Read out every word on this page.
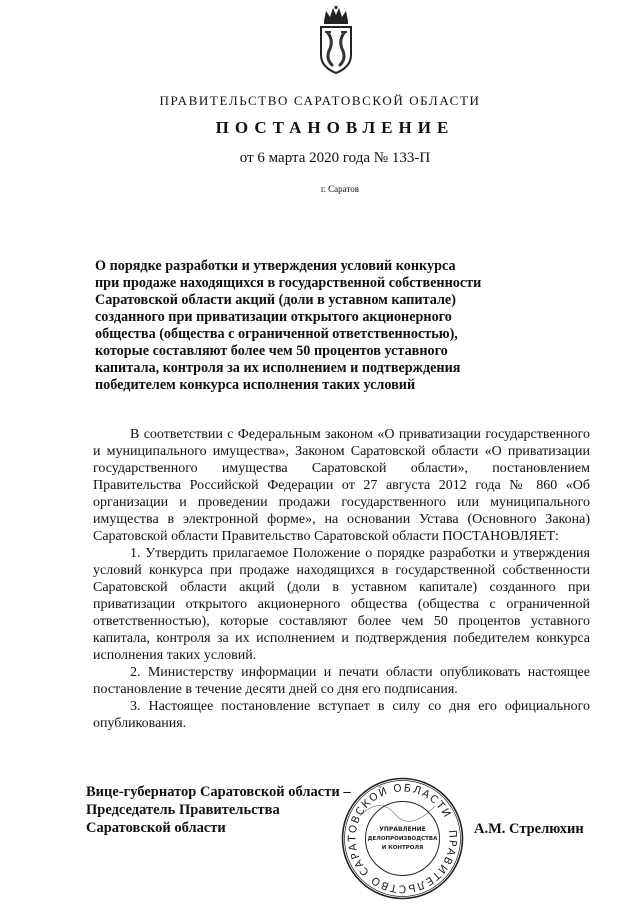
ПРАВИТЕЛЬСТВО САРАТОВСКОЙ ОБЛАСТИ
ПОСТАНОВЛЕНИЕ
от 6 марта 2020 года № 133-П
г. Саратов
О порядке разработки и утверждения условий конкурса
при продаже находящихся в государственной собственности
Саратовской области акций (доли в уставном капитале)
созданного при приватизации открытого акционерного
общества (общества с ограниченной ответственностью),
которые составляют более чем 50 процентов уставного
капитала, контроля за их исполнением и подтверждения
победителем конкурса исполнения таких условий

В соответствии с Федеральным законом «О приватизации государственного и муниципального имущества», Законом Саратовской области «О приватизации государственного имущества Саратовской области», постановлением Правительства Российской Федерации от 27 августа 2012 года № 860 «Об организации и проведении продажи государственного или муниципального имущества в электронной форме», на основании Устава (Основного Закона) Саратовской области Правительство Саратовской области ПОСТАНОВЛЯЕТ:

1. Утвердить прилагаемое Положение о порядке разработки и утверждения условий конкурса при продаже находящихся в государственной собственности Саратовской области акций (доли в уставном капитале) созданного при приватизации открытого акционерного общества (общества с ограниченной ответственностью), которые составляют более чем 50 процентов уставного капитала, контроля за их исполнением и подтверждения победителем конкурса исполнения таких условий.

2. Министерству информации и печати области опубликовать настоящее постановление в течение десяти дней со дня его подписания.

3. Настоящее постановление вступает в силу со дня его официального опубликования.

Вице-губернатор Саратовской области –
Председатель Правительства
Саратовской области	ПРАВИТЕЛЬСТВО САРАТОВСКОЙ ОБЛАСТИ
УПРАВЛЕНИЕ
ДЕЛОПРОИЗВОДСТВА
И КОНТРОЛЯ
А.М. Стрелюхин
